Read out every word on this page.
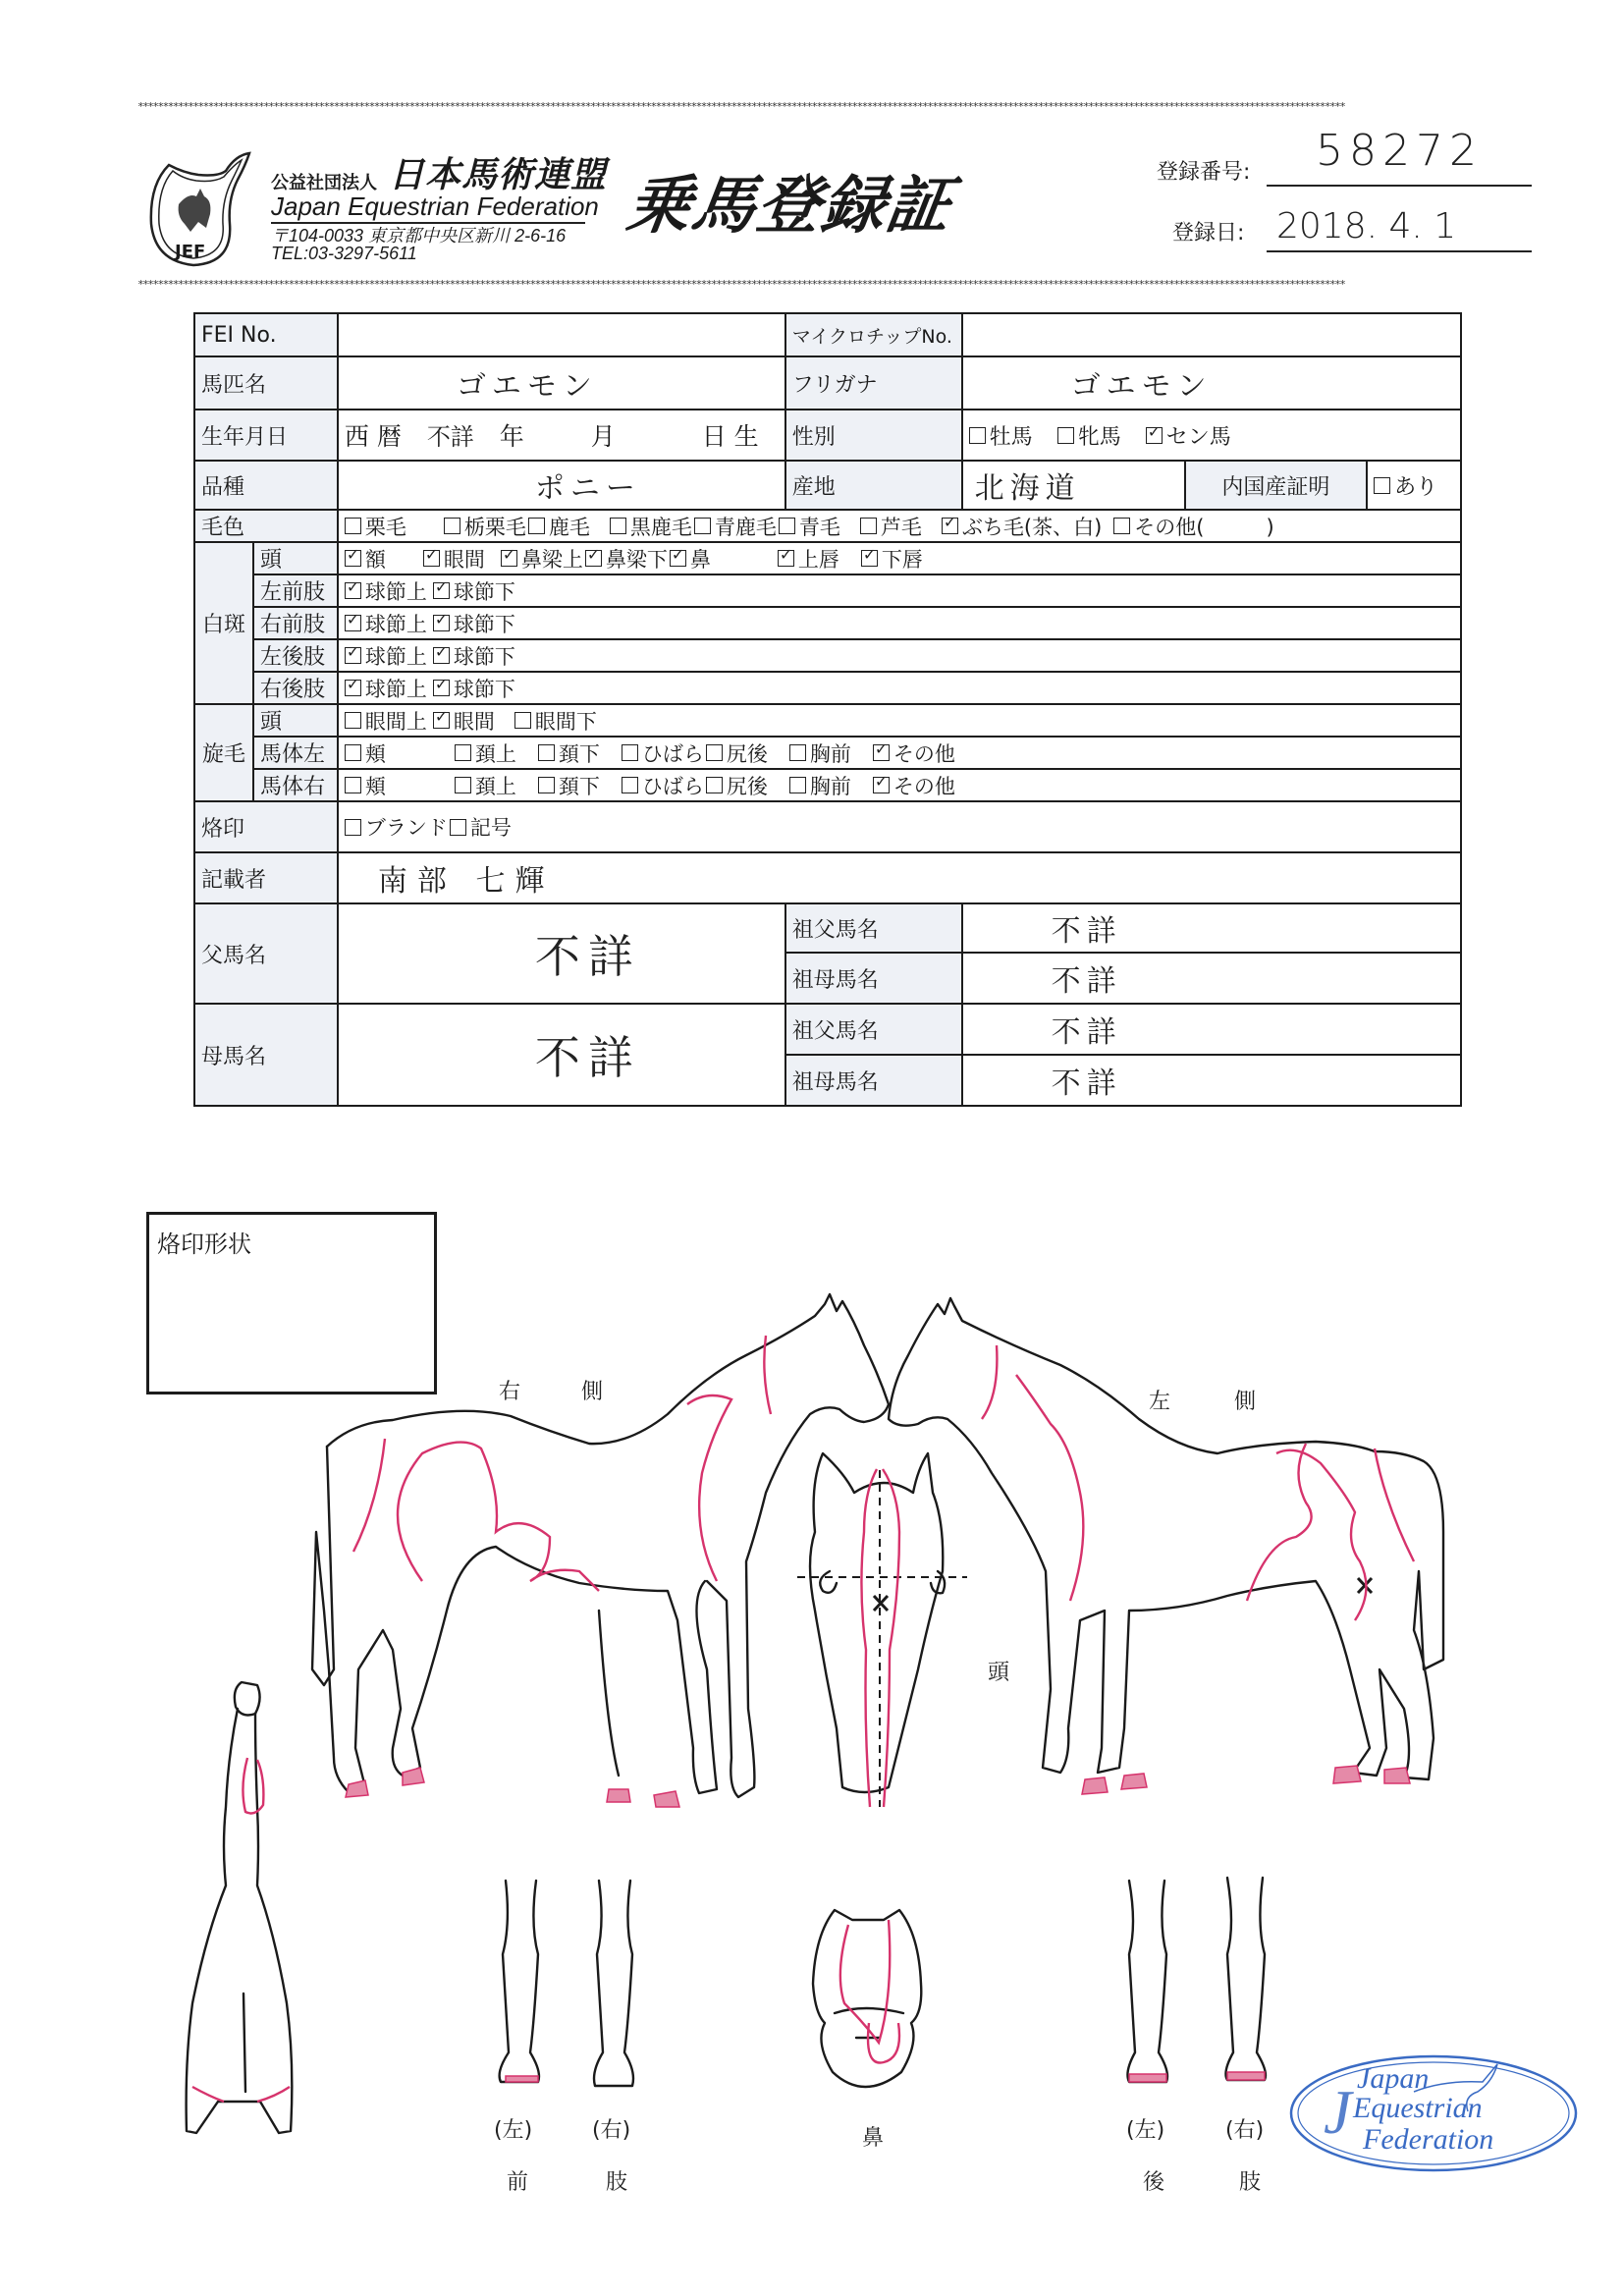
************************************************************************************************************************************************************************************************************************************************
JEF
公益社団法人 日本馬術連盟
Japan Equestrian Federation
〒104-0033 東京都中央区新川 2-6-16
TEL:03-3297-5611
乗馬登録証	登録番号: 58272
登録日: 2018. 4. 1
************************************************************************************************************************************************************************************************************************************************
FEI No.			マイクロチップNo.			
馬匹名		ゴエモン	フリガナ	ゴエモン		
生年月日		西 暦 不詳 年 月 日 生	性別	牡馬 牝馬 ✓ セン馬
品種		ポニー	産地	北海道	内国産証明	あり
毛色		栗毛 栃栗毛 鹿毛 黒鹿毛 青鹿毛 青毛 芦毛 ✓ ぶち毛(茶、白) その他(　　　)
白斑	頭	✓額 ✓ 眼間 ✓ 鼻梁上 ✓ 鼻梁下 ✓ 鼻 ✓ 上唇 ✓ 下唇
	左前肢	✓球節上 ✓ 球節下
	右前肢	✓球節上 ✓ 球節下
	左後肢	✓球節上 ✓ 球節下
	右後肢	✓球節上 ✓ 球節下
旋毛	頭	眼間上 ✓ 眼間 眼間下
	馬体左	頬 頚上 頚下 ひばら 尻後 胸前 ✓ その他
	馬体右	頬 頚上 頚下 ひばら 尻後 胸前 ✓ その他
烙印		ブランド 記号				
記載者		南部 七輝				
父馬名		不詳	祖父馬名	不詳		
			祖母馬名	不詳		
母馬名		不詳	祖父馬名	不詳		
			祖母馬名	不詳		
烙印形状
右	側	左	側
頭
鼻
(左)	(右)
前	肢
(左)	(右)
後	肢
J Japan
Equestrian
Federation
